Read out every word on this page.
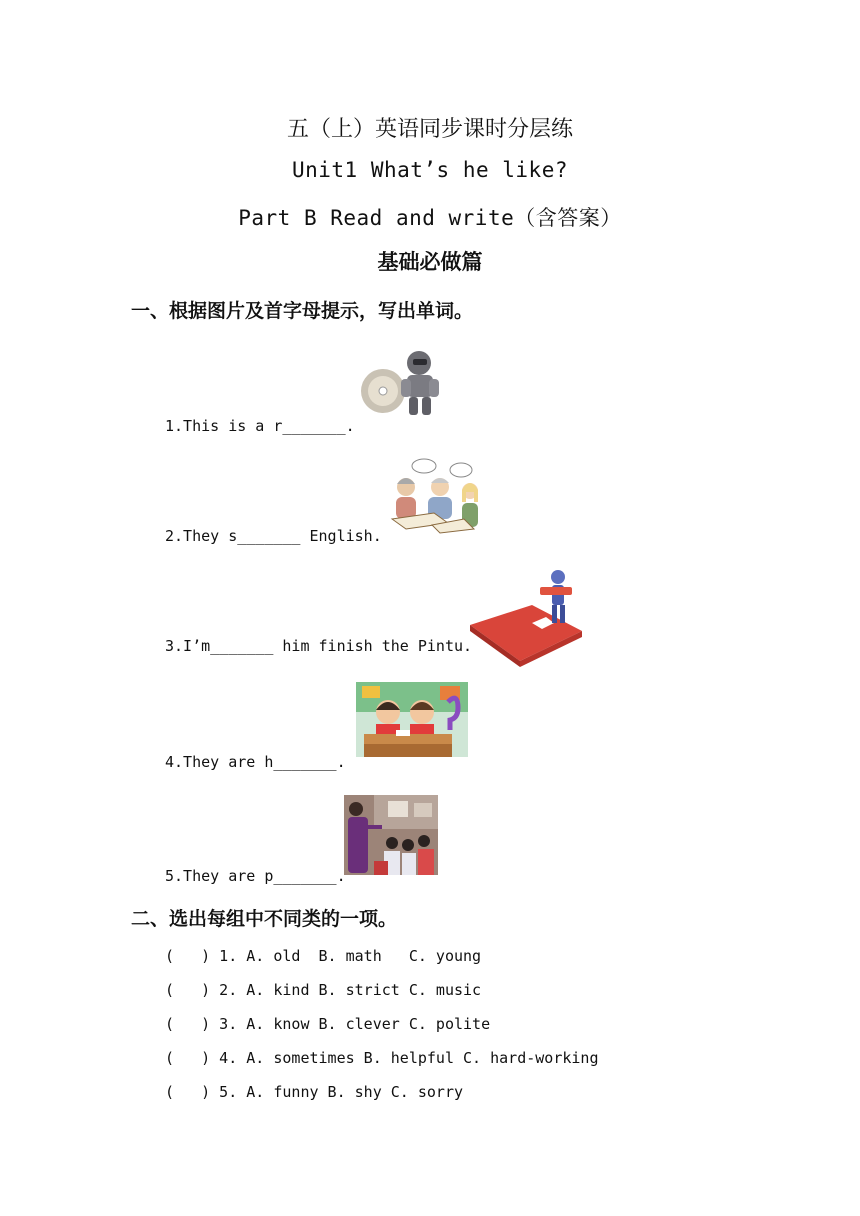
五（上）英语同步课时分层练
Unit1 What’s he like?
Part B Read and write（含答案）
基础必做篇
一、根据图片及首字母提示，写出单词。
1.This is a r_______.
2.They s_______ English.
3.I’m_______ him finish the Pintu.
4.They are h_______.
5.They are p_______.
二、选出每组中不同类的一项。
(   ) 1. A. old  B. math   C. young
(   ) 2. A. kind B. strict C. music
(   ) 3. A. know B. clever C. polite
(   ) 4. A. sometimes B. helpful C. hard-working
(   ) 5. A. funny B. shy C. sorry
